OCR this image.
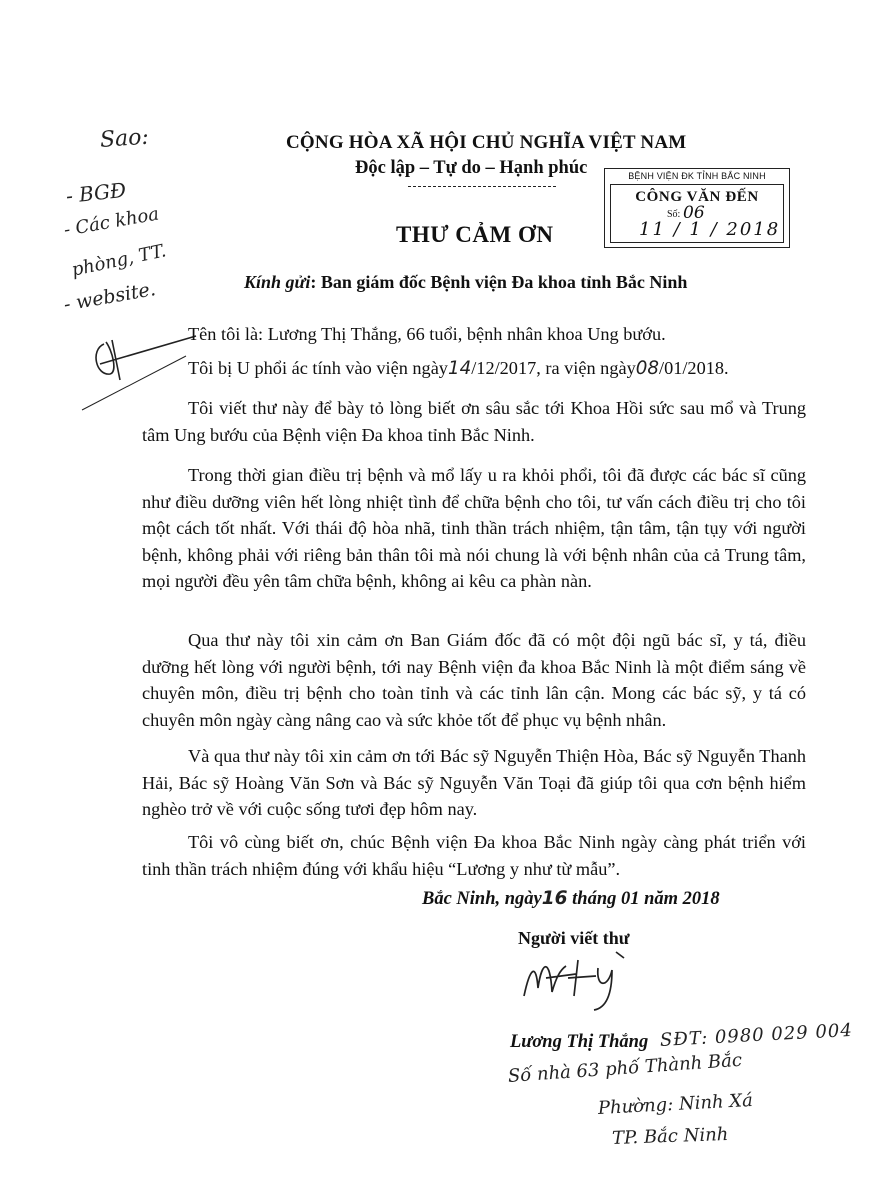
Sao:
- BGĐ
- Các khoa
phòng, TT.
- website.
CỘNG HÒA XÃ HỘI CHỦ NGHĨA VIỆT NAM
Độc lập – Tự do – Hạnh phúc	BỆNH VIỆN ĐK TỈNH BẮC NINH
CÔNG VĂN ĐẾN
Số: 06
11 / 1 / 2018
THƯ CẢM ƠN
Kính gửi: Ban giám đốc Bệnh viện Đa khoa tỉnh Bắc Ninh
Tên tôi là: Lương Thị Thắng, 66 tuổi, bệnh nhân khoa Ung bướu.
Tôi bị U phổi ác tính vào viện ngày14/12/2017, ra viện ngày08/01/2018.
Tôi viết thư này để bày tỏ lòng biết ơn sâu sắc tới Khoa Hồi sức sau mổ và Trung tâm Ung bướu của Bệnh viện Đa khoa tỉnh Bắc Ninh.
Trong thời gian điều trị bệnh và mổ lấy u ra khỏi phổi, tôi đã được các bác sĩ cũng như điều dưỡng viên hết lòng nhiệt tình để chữa bệnh cho tôi, tư vấn cách điều trị cho tôi một cách tốt nhất. Với thái độ hòa nhã, tinh thần trách nhiệm, tận tâm, tận tụy với người bệnh, không phải với riêng bản thân tôi mà nói chung là với bệnh nhân của cả Trung tâm, mọi người đều yên tâm chữa bệnh, không ai kêu ca phàn nàn.
Qua thư này tôi xin cảm ơn Ban Giám đốc đã có một đội ngũ bác sĩ, y tá, điều dưỡng hết lòng với người bệnh, tới nay Bệnh viện đa khoa Bắc Ninh là một điểm sáng về chuyên môn, điều trị bệnh cho toàn tỉnh và các tỉnh lân cận. Mong các bác sỹ, y tá có chuyên môn ngày càng nâng cao và sức khỏe tốt để phục vụ bệnh nhân.
Và qua thư này tôi xin cảm ơn tới Bác sỹ Nguyễn Thiện Hòa, Bác sỹ Nguyễn Thanh Hải, Bác sỹ Hoàng Văn Sơn và Bác sỹ Nguyễn Văn Toại đã giúp tôi qua cơn bệnh hiểm nghèo trở về với cuộc sống tươi đẹp hôm nay.
Tôi vô cùng biết ơn, chúc Bệnh viện Đa khoa Bắc Ninh ngày càng phát triển với tinh thần trách nhiệm đúng với khẩu hiệu “Lương y như từ mẫu”.
Bắc Ninh, ngày16 tháng 01 năm 2018
Người viết thư
Lương Thị Thắng SĐT: 0980 029 004
Số nhà 63 phố Thành Bắc
Phường: Ninh Xá
TP. Bắc Ninh
